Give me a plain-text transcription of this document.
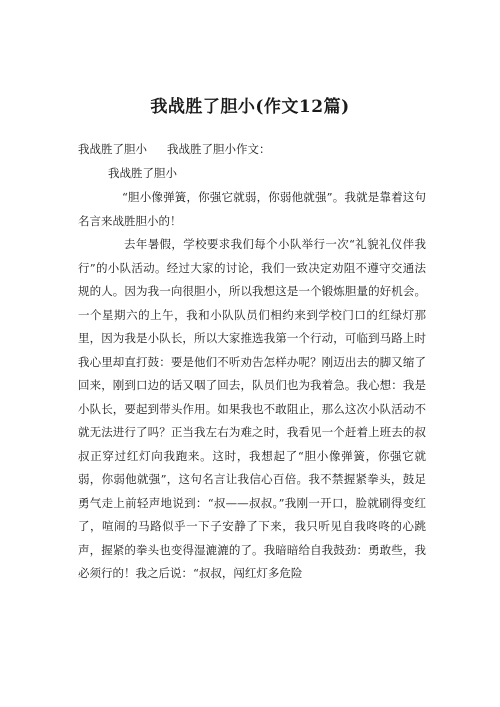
我战胜了胆小(作文12篇)
我战胜了胆小 我战胜了胆小作文：
我战胜了胆小

“胆小像弹簧，你强它就弱，你弱他就强”。我就是靠着这句名言来战胜胆小的！

去年暑假，学校要求我们每个小队举行一次“礼貌礼仪伴我行”的小队活动。经过大家的讨论，我们一致决定劝阻不遵守交通法规的人。因为我一向很胆小，所以我想这是一个锻炼胆量的好机会。一个星期六的上午，我和小队队员们相约来到学校门口的红绿灯那里，因为我是小队长，所以大家推选我第一个行动，可临到马路上时我心里却直打鼓：要是他们不听劝告怎样办呢？刚迈出去的脚又缩了回来，刚到口边的话又咽了回去，队员们也为我着急。我心想：我是小队长，要起到带头作用。如果我也不敢阻止，那么这次小队活动不就无法进行了吗？正当我左右为难之时，我看见一个赶着上班去的叔叔正穿过红灯向我跑来。这时，我想起了“胆小像弹簧，你强它就弱，你弱他就强”，这句名言让我信心百倍。我不禁握紧拳头，鼓足勇气走上前轻声地说到：“叔——叔叔。”我刚一开口，脸就刷得变红了，喧闹的马路似乎一下子安静了下来，我只听见自我咚咚的心跳声，握紧的拳头也变得湿漉漉的了。我暗暗给自我鼓劲：勇敢些，我必须行的！我之后说：“叔叔，闯红灯多危险
